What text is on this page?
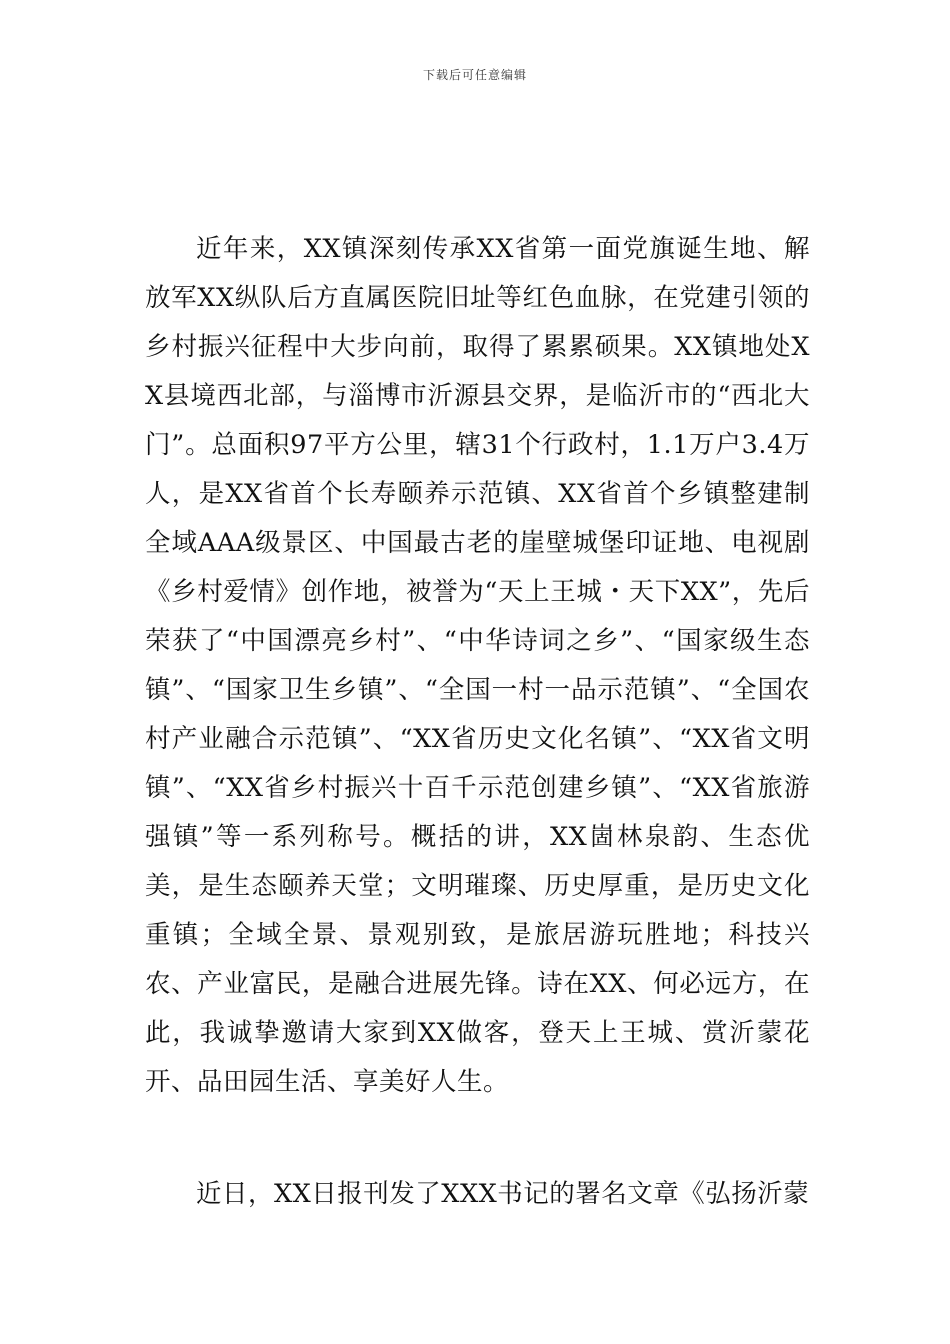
下载后可任意编辑
近年来，XX镇深刻传承XX省第一面党旗诞生地、解放军XX纵队后方直属医院旧址等红色血脉，在党建引领的乡村振兴征程中大步向前，取得了累累硕果。XX镇地处XX县境西北部，与淄博市沂源县交界，是临沂市的“西北大门”。总面积97平方公里，辖31个行政村，1.1万户3.4万人，是XX省首个长寿颐养示范镇、XX省首个乡镇整建制全域AAA级景区、中国最古老的崖壁城堡印证地、电视剧《乡村爱情》创作地，被誉为“天上王城・天下XX”，先后荣获了“中国漂亮乡村”、“中华诗词之乡”、“国家级生态镇”、“国家卫生乡镇”、“全国一村一品示范镇”、“全国农村产业融合示范镇”、“XX省历史文化名镇”、“XX省文明镇”、“XX省乡村振兴十百千示范创建乡镇”、“XX省旅游强镇”等一系列称号。概括的讲，XX崮林泉韵、生态优美，是生态颐养天堂；文明璀璨、历史厚重，是历史文化重镇；全域全景、景观别致，是旅居游玩胜地；科技兴农、产业富民，是融合进展先锋。诗在XX、何必远方，在此，我诚挚邀请大家到XX做客，登天上王城、赏沂蒙花开、品田园生活、享美好人生。
近日，XX日报刊发了XXX书记的署名文章《弘扬沂蒙
